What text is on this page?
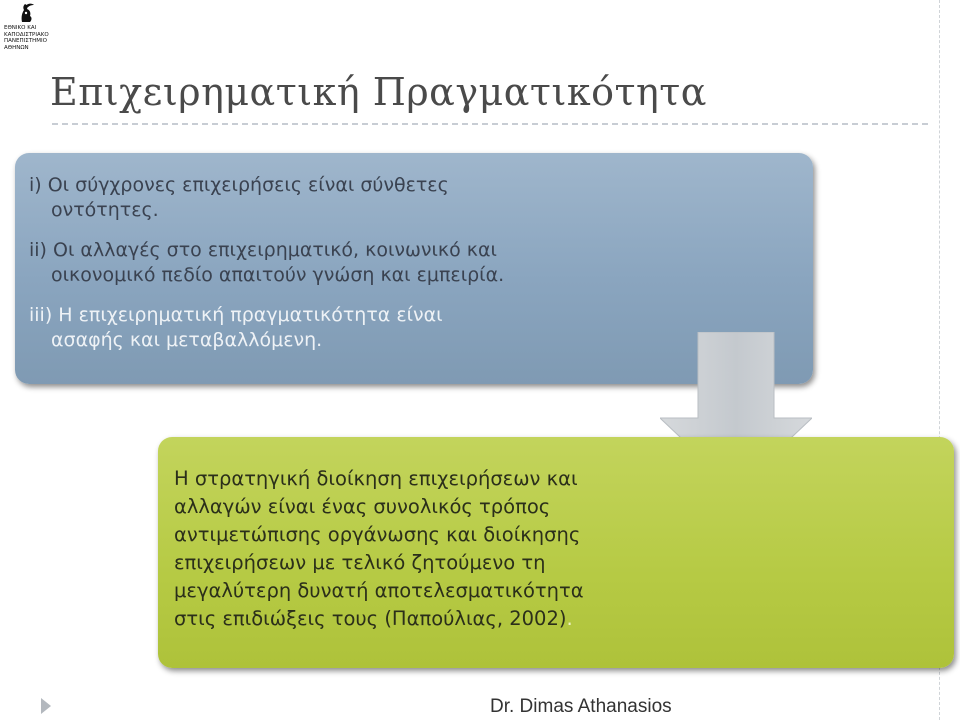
ΕΘΝΙΚΟ ΚΑΙ
ΚΑΠΟΔΙΣΤΡΙΑΚΟ
ΠΑΝΕΠΙΣΤΗΜΙΟ
ΑΘΗΝΩΝ
Επιχειρηματική Πραγματικότητα

i) Οι σύγχρονες επιχειρήσεις είναι σύνθετες

οντότητες.

ii) Οι αλλαγές στο επιχειρηματικό, κοινωνικό και

οικονομικό πεδίο απαιτούν γνώση και εμπειρία.

iii) Η επιχειρηματική πραγματικότητα είναι

ασαφής και μεταβαλλόμενη.

Η στρατηγική διοίκηση επιχειρήσεων και
αλλαγών είναι ένας συνολικός τρόπος
αντιμετώπισης οργάνωσης και διοίκησης
επιχειρήσεων με τελικό ζητούμενο τη
μεγαλύτερη δυνατή αποτελεσματικότητα
στις επιδιώξεις τους (Παπούλιας, 2002).
Dr. Dimas Athanasios
